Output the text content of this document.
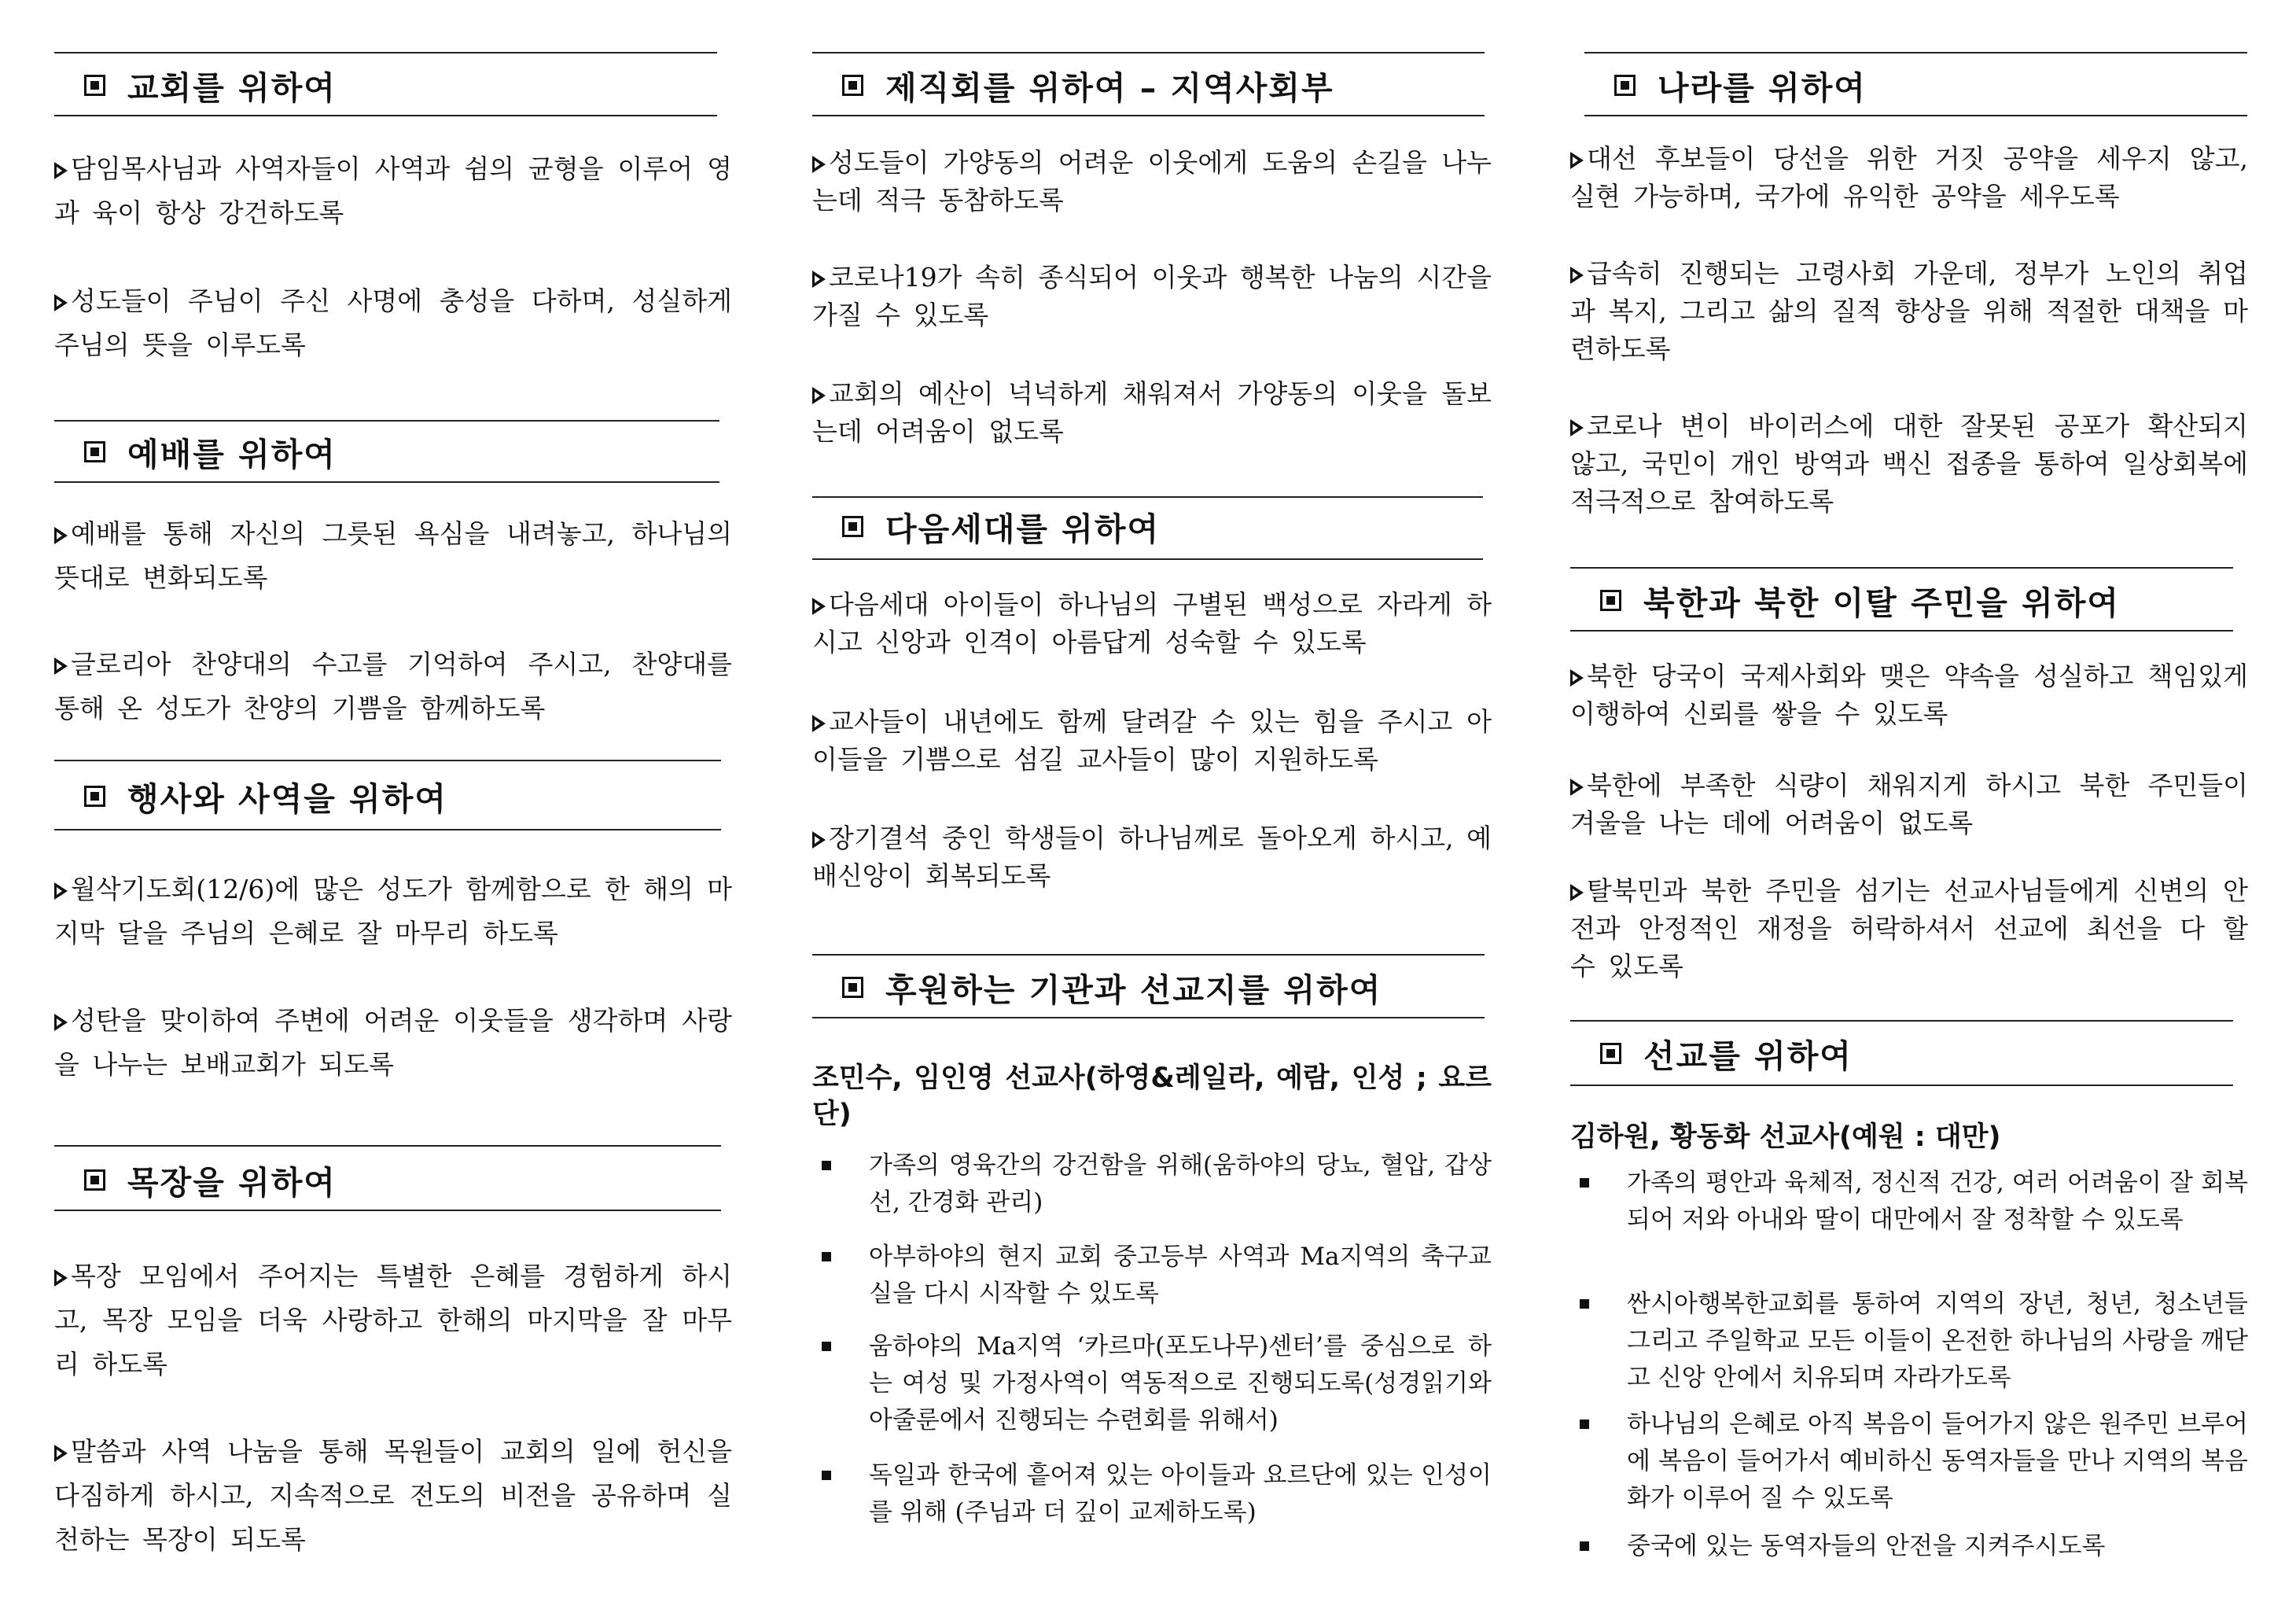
교회를 위하여
담임목사님과 사역자들이 사역과 쉼의 균형을 이루어 영과 육이 항상 강건하도록
성도들이 주님이 주신 사명에 충성을 다하며, 성실하게 주님의 뜻을 이루도록
예배를 위하여
예배를 통해 자신의 그릇된 욕심을 내려놓고, 하나님의 뜻대로 변화되도록
글로리아 찬양대의 수고를 기억하여 주시고, 찬양대를 통해 온 성도가 찬양의 기쁨을 함께하도록
행사와 사역을 위하여
월삭기도회(12/6)에 많은 성도가 함께함으로 한 해의 마지막 달을 주님의 은혜로 잘 마무리 하도록
성탄을 맞이하여 주변에 어려운 이웃들을 생각하며 사랑을 나누는 보배교회가 되도록
목장을 위하여
목장 모임에서 주어지는 특별한 은혜를 경험하게 하시고, 목장 모임을 더욱 사랑하고 한해의 마지막을 잘 마무리 하도록
말씀과 사역 나눔을 통해 목원들이 교회의 일에 헌신을 다짐하게 하시고, 지속적으로 전도의 비전을 공유하며 실천하는 목장이 되도록
제직회를 위하여 – 지역사회부
성도들이 가양동의 어려운 이웃에게 도움의 손길을 나누는데 적극 동참하도록
코로나19가 속히 종식되어 이웃과 행복한 나눔의 시간을 가질 수 있도록
교회의 예산이 넉넉하게 채워져서 가양동의 이웃을 돌보는데 어려움이 없도록
다음세대를 위하여
다음세대 아이들이 하나님의 구별된 백성으로 자라게 하시고 신앙과 인격이 아름답게 성숙할 수 있도록
교사들이 내년에도 함께 달려갈 수 있는 힘을 주시고 아이들을 기쁨으로 섬길 교사들이 많이 지원하도록
장기결석 중인 학생들이 하나님께로 돌아오게 하시고, 예배신앙이 회복되도록
후원하는 기관과 선교지를 위하여
조민수, 임인영 선교사(하영&레일라, 예람, 인성 ; 요르단)
가족의 영육간의 강건함을 위해(움하야의 당뇨, 혈압, 갑상선, 간경화 관리)
아부하야의 현지 교회 중고등부 사역과 Ma지역의 축구교실을 다시 시작할 수 있도록
움하야의 Ma지역 ‘카르마(포도나무)센터’를 중심으로 하는 여성 및 가정사역이 역동적으로 진행되도록(성경읽기와 아줄룬에서 진행되는 수련회를 위해서)
독일과 한국에 흩어져 있는 아이들과 요르단에 있는 인성이를 위해 (주님과 더 깊이 교제하도록)
나라를 위하여
대선 후보들이 당선을 위한 거짓 공약을 세우지 않고, 실현 가능하며, 국가에 유익한 공약을 세우도록
급속히 진행되는 고령사회 가운데, 정부가 노인의 취업과 복지, 그리고 삶의 질적 향상을 위해 적절한 대책을 마련하도록
코로나 변이 바이러스에 대한 잘못된 공포가 확산되지 않고, 국민이 개인 방역과 백신 접종을 통하여 일상회복에 적극적으로 참여하도록
북한과 북한 이탈 주민을 위하여
북한 당국이 국제사회와 맺은 약속을 성실하고 책임있게 이행하여 신뢰를 쌓을 수 있도록
북한에 부족한 식량이 채워지게 하시고 북한 주민들이 겨울을 나는 데에 어려움이 없도록
탈북민과 북한 주민을 섬기는 선교사님들에게 신변의 안전과 안정적인 재정을 허락하셔서 선교에 최선을 다 할 수 있도록
선교를 위하여
김하원, 황동화 선교사(예원 : 대만)
가족의 평안과 육체적, 정신적 건강, 여러 어려움이 잘 회복되어 저와 아내와 딸이 대만에서 잘 정착할 수 있도록
싼시아행복한교회를 통하여 지역의 장년, 청년, 청소년들 그리고 주일학교 모든 이들이 온전한 하나님의 사랑을 깨닫고 신앙 안에서 치유되며 자라가도록
하나님의 은혜로 아직 복음이 들어가지 않은 원주민 브루어에 복음이 들어가서 예비하신 동역자들을 만나 지역의 복음화가 이루어 질 수 있도록
중국에 있는 동역자들의 안전을 지켜주시도록
